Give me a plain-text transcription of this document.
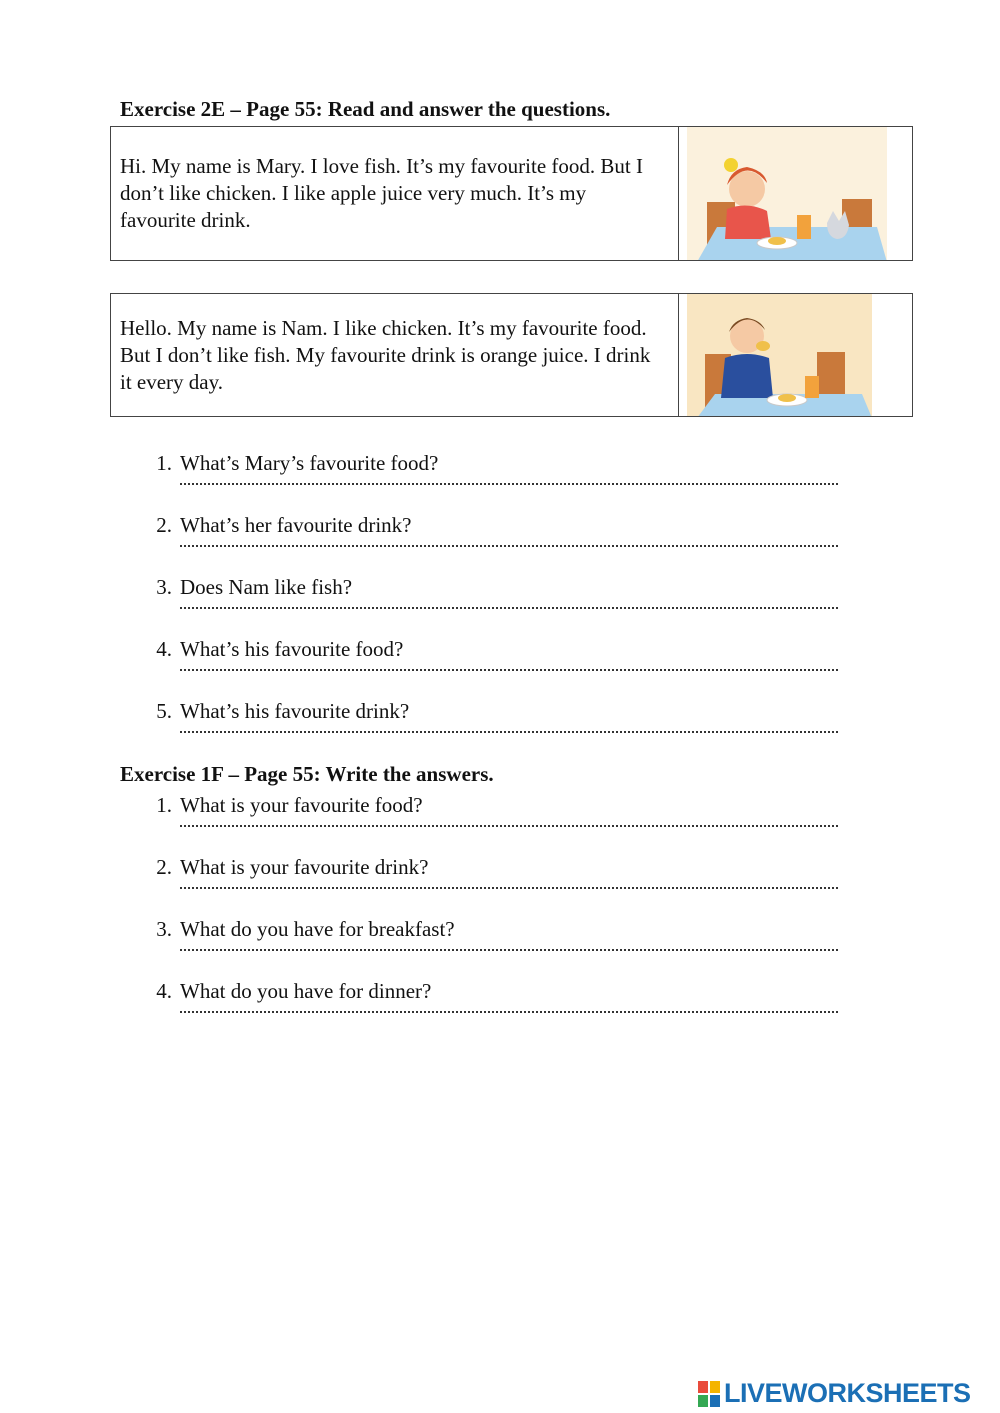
Exercise 2E – Page 55: Read and answer the questions.
Hi. My name is Mary. I love fish. It’s my favourite food. But I don’t like chicken. I like apple juice very much. It’s my favourite drink.
Hello. My name is Nam. I like chicken. It’s my favourite food. But I don’t like fish. My favourite drink is orange juice. I drink it every day.
1. What’s Mary’s favourite food?
2. What’s her favourite drink?
3. Does Nam like fish?
4. What’s his favourite food?
5. What’s his favourite drink?
Exercise 1F – Page 55: Write the answers.
1. What is your favourite food?
2. What is your favourite drink?
3. What do you have for breakfast?
4. What do you have for dinner?
LIVEWORKSHEETS
